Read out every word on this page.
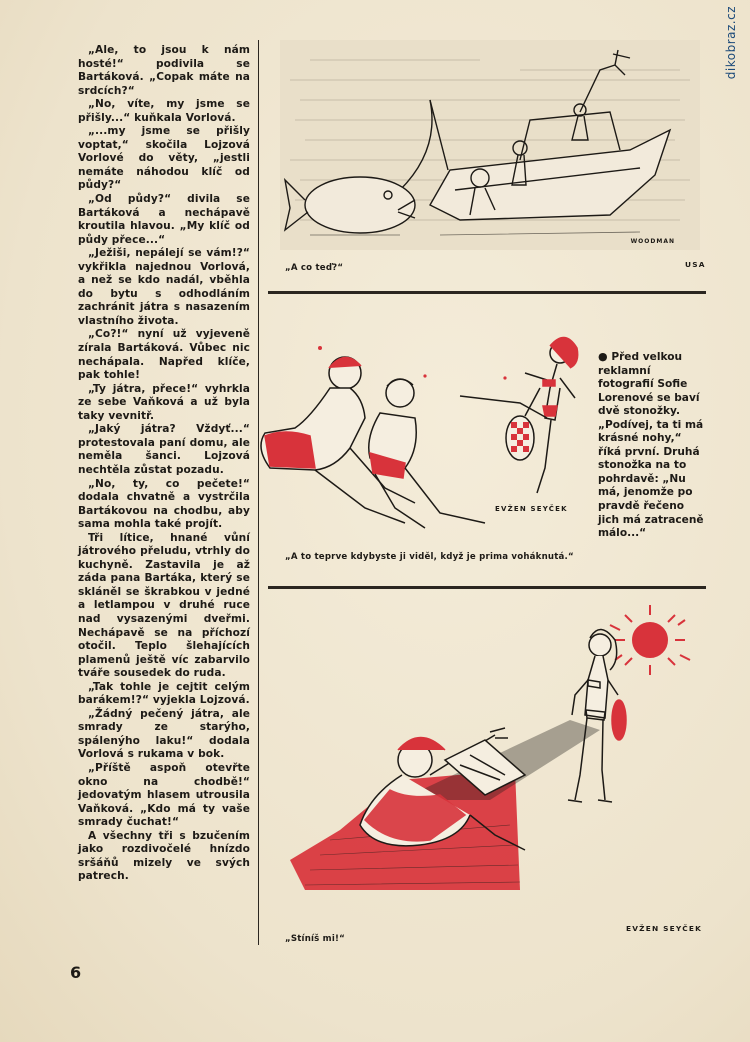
dikobraz.cz

„Ale, to jsou k nám hosté!“ podivila se Bartáková. „Copak máte na srdcích?“

„No, víte, my jsme se přišly...“ kuňkala Vorlová.

„...my jsme se přišly voptat,“ skočila Lojzová Vorlové do věty, „jestli nemáte náhodou klíč od půdy?“

„Od půdy?“ divila se Bartáková a nechápavě kroutila hlavou. „My klíč od půdy přece...“

„Ježiši, nepálejí se vám!?“ vykřikla najednou Vorlová, a než se kdo nadál, vběhla do bytu s odhodláním zachránit játra s nasazením vlastního života.

„Co?!“ nyní už vyjeveně zírala Bartáková. Vůbec nic nechápala. Napřed klíče, pak tohle!

„Ty játra, přece!“ vyhrkla ze sebe Vaňková a už byla taky vevnitř.

„Jaký játra? Vždyť...“ protestovala paní domu, ale neměla šanci. Lojzová nechtěla zůstat pozadu.

„No, ty, co pečete!“ dodala chvatně a vystrčila Bartákovou na chodbu, aby sama mohla také projít.

Tři lítice, hnané vůní játrového přeludu, vtrhly do kuchyně. Zastavila je až záda pana Bartáka, který se skláněl se škrabkou v jedné a letlampou v druhé ruce nad vysazenými dveřmi. Nechápavě se na příchozí otočil. Teplo šlehajících plamenů ještě víc zabarvilo tváře sousedek do ruda.

„Tak tohle je cejtit celým barákem!?“ vyjekla Lojzová.

„Žádný pečený játra, ale smrady ze starýho, spálenýho laku!“ dodala Vorlová s rukama v bok.

„Příště aspoň otevřte okno na chodbě!“ jedovatým hlasem utrousila Vaňková. „Kdo má ty vaše smrady čuchat!“

A všechny tři s bzučením jako rozdivočelé hnízdo sršáňů mizely ve svých patrech.

WOODMAN
„A co teď?“	USA
EVŽEN SEYČEK
„A to teprve kdybyste ji viděl, když je prima voháknutá.“

● Před velkou reklamní fotografií Sofie Lorenové se baví dvě stonožky.

„Podívej, ta ti má krásné nohy,“ říká první. Druhá stonožka na to pohrdavě: „Nu má, jenomže po pravdě řečeno jich má zatraceně málo...“

EVŽEN SEYČEK
„Stíníš mi!“
6
